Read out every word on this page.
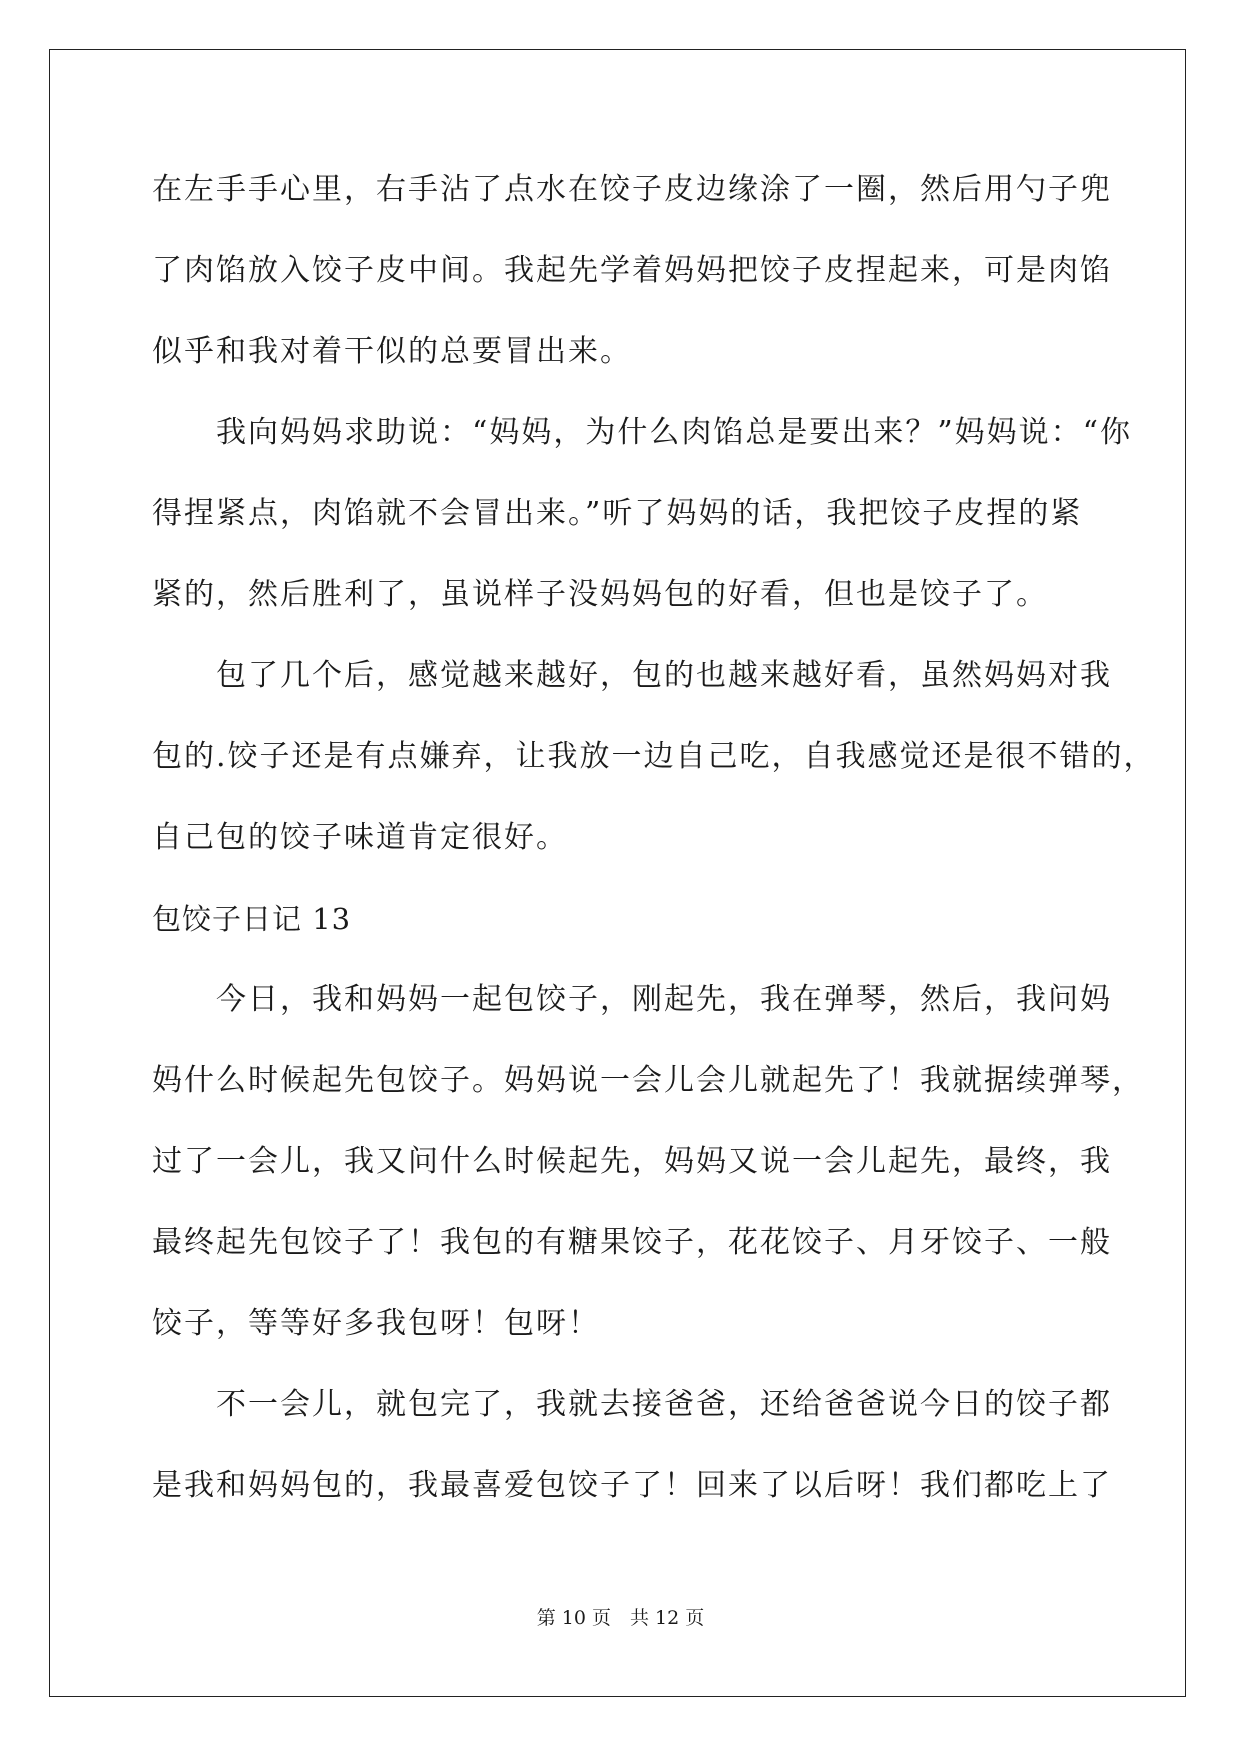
在左手手心里，右手沾了点水在饺子皮边缘涂了一圈，然后用勺子兜
了肉馅放入饺子皮中间。我起先学着妈妈把饺子皮捏起来，可是肉馅
似乎和我对着干似的总要冒出来。
　　我向妈妈求助说：“妈妈，为什么肉馅总是要出来？”妈妈说：“你
得捏紧点，肉馅就不会冒出来。”听了妈妈的话，我把饺子皮捏的紧
紧的，然后胜利了，虽说样子没妈妈包的好看，但也是饺子了。
　　包了几个后，感觉越来越好，包的也越来越好看，虽然妈妈对我
包的.饺子还是有点嫌弃，让我放一边自己吃，自我感觉还是很不错的，
自己包的饺子味道肯定很好。
包饺子日记 13
　　今日，我和妈妈一起包饺子，刚起先，我在弹琴，然后，我问妈
妈什么时候起先包饺子。妈妈说一会儿会儿就起先了！我就据续弹琴，
过了一会儿，我又问什么时候起先，妈妈又说一会儿起先，最终，我
最终起先包饺子了！我包的有糖果饺子，花花饺子、月牙饺子、一般
饺子，等等好多我包呀！包呀！
　　不一会儿，就包完了，我就去接爸爸，还给爸爸说今日的饺子都
是我和妈妈包的，我最喜爱包饺子了！回来了以后呀！我们都吃上了
第 10 页　共 12 页
